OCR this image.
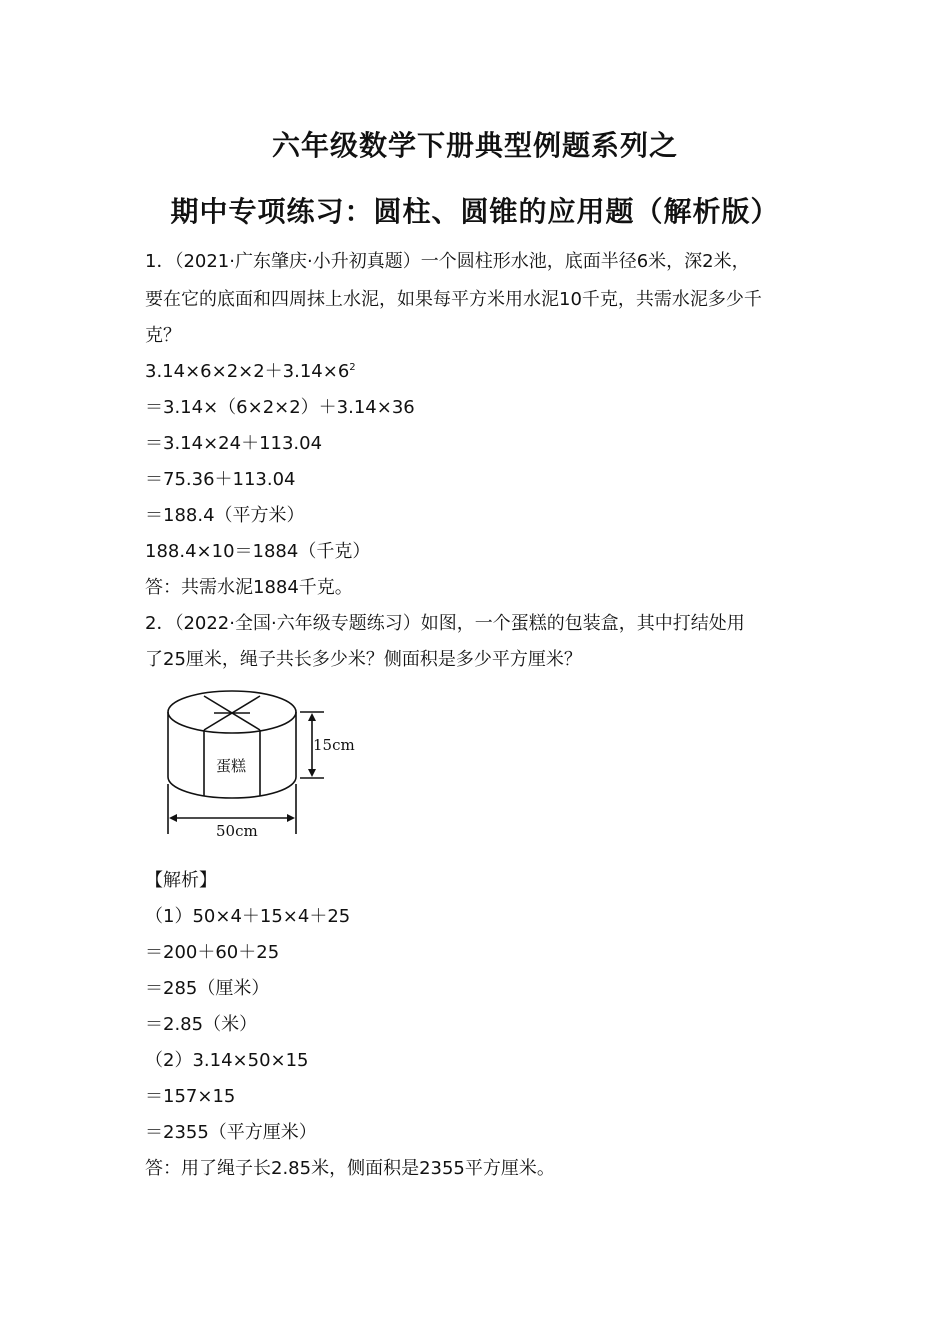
六年级数学下册典型例题系列之
期中专项练习：圆柱、圆锥的应用题（解析版）
1．（2021·广东肇庆·小升初真题）一个圆柱形水池，底面半径6米，深2米，
要在它的底面和四周抹上水泥，如果每平方米用水泥10千克，共需水泥多少千
克？
$3.14\times 6\times 2\times 2+3.14\times 6^2$
＝3.14×（6×2×2）＋3.14×36
＝3.14×24＋113.04
＝75.36＋113.04
＝188.4（平方米）
188.4×10＝1884（千克）
答：共需水泥1884千克。
2．（2022·全国·六年级专题练习）如图，一个蛋糕的包装盒，其中打结处用
了25厘米，绳子共长多少米？侧面积是多少平方厘米？
蛋糕
15cm
50cm
【解析】
（1）50×4＋15×4＋25
＝200＋60＋25
＝285（厘米）
＝2.85（米）
（2）3.14×50×15
＝157×15
＝2355（平方厘米）
答：用了绳子长2.85米，侧面积是2355平方厘米。
